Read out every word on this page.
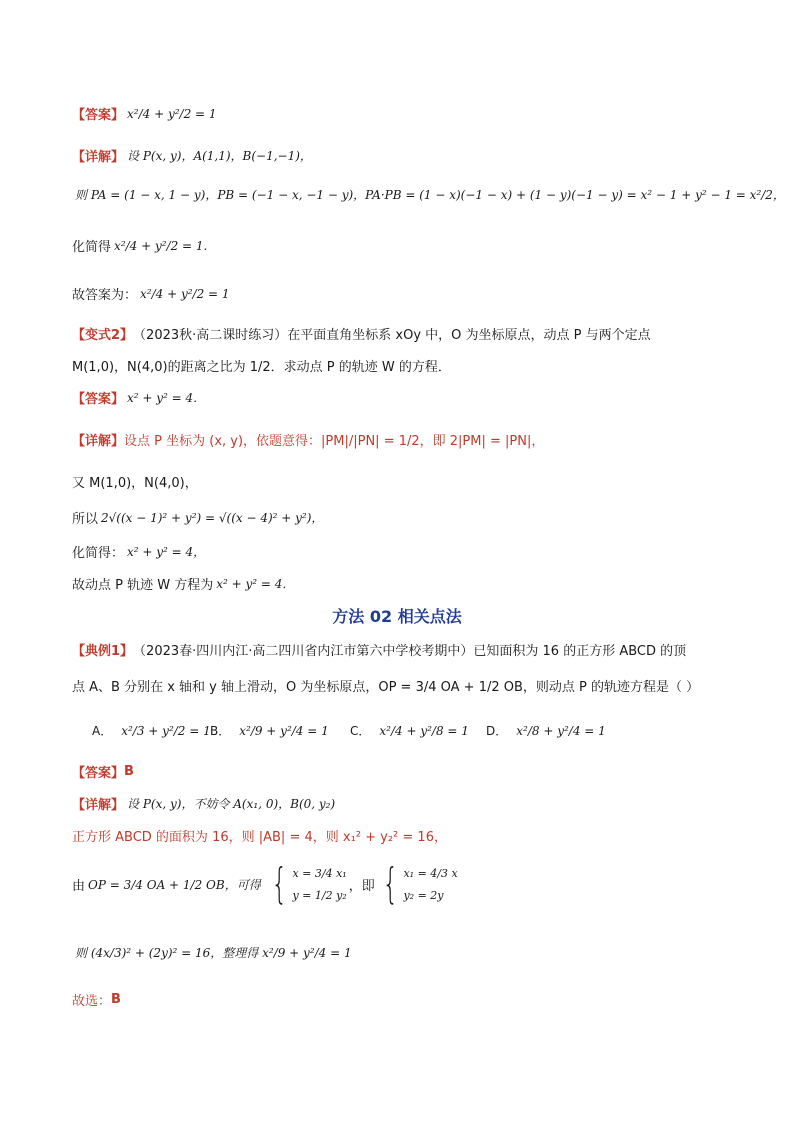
【答案】 x²/4 + y²/2 = 1
【详解】 设 P(x, y)，A(1,1)，B(−1,−1)，
则 PA = (1 − x, 1 − y)，PB = (−1 − x, −1 − y)，PA·PB = (1 − x)(−1 − x) + (1 − y)(−1 − y) = x² − 1 + y² − 1 = x²/2，
化简得 x²/4 + y²/2 = 1.
故答案为： x²/4 + y²/2 = 1
【变式2】 （2023秋·高二课时练习） 在平面直角坐标系 xOy 中，O 为坐标原点，动点 P 与两个定点
M(1,0)，N(4,0)的距离之比为 1/2．求动点 P 的轨迹 W 的方程．
【答案】 x² + y² = 4．
【详解】 设点 P 坐标为 (x, y)，依题意得：|PM|/|PN| = 1/2，即 2|PM| = |PN|，
又 M(1,0)，N(4,0)，
所以 2√((x − 1)² + y²) = √((x − 4)² + y²)，
化简得： x² + y² = 4，
故动点 P 轨迹 W 方程为 x² + y² = 4．
方法 02 相关点法
【典例1】 （2023春·四川内江·高二四川省内江市第六中学校考期中） 已知面积为 16 的正方形 ABCD 的顶
点 A、B 分别在 x 轴和 y 轴上滑动，O 为坐标原点，OP = 3/4 OA + 1/2 OB，则动点 P 的轨迹方程是（ ）
A． x²/3 + y²/2 = 1 B． x²/9 + y²/4 = 1 C． x²/4 + y²/8 = 1 D． x²/8 + y²/4 = 1
【答案】 B
【详解】 设 P(x, y)，不妨令 A(x₁, 0)，B(0, y₂)
正方形 ABCD 的面积为 16，则 |AB| = 4，则 x₁² + y₂² = 16，
由 OP = 3/4 OA + 1/2 OB，可得 { x = 3/4 x₁
y = 1/2 y₂
，即 { x₁ = 4/3 x
y₂ = 2y
则 (4x/3)² + (2y)² = 16，整理得 x²/9 + y²/4 = 1
故选： B
